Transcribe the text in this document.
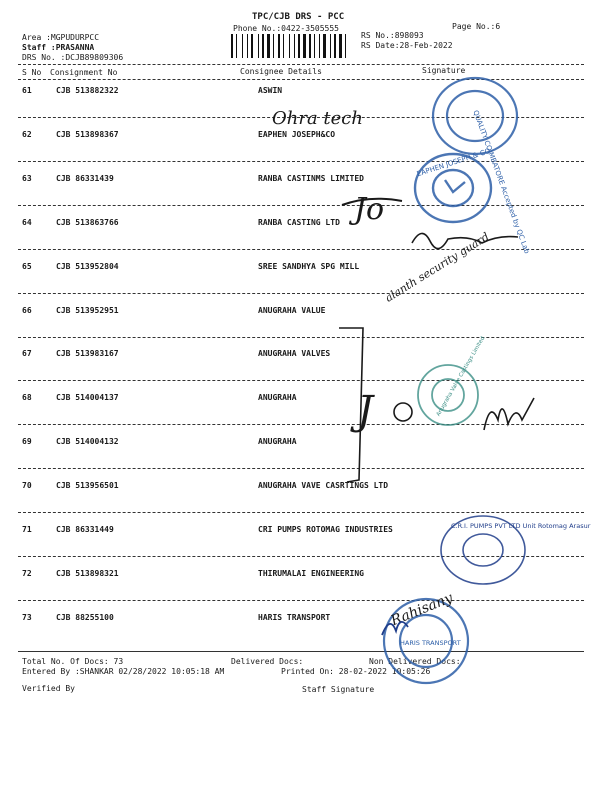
TPC/CJB DRS - PCC
Phone No.:0422-3505555	Page No.:6
Area :MGPUDURPCC
Staff :PRASANNA
DRS No. :DCJB89809306
RS No.:898093
RS Date:28-Feb-2022
S No Consignment No	Consignee Details	Signature
61	CJB 513882322	ASWIN
62	CJB 513898367	EAPHEN JOSEPH&CO
63	CJB 86331439	RANBA CASTINMS LIMITED
64	CJB 513863766	RANBA CASTING LTD
65	CJB 513952804	SREE SANDHYA SPG MILL
66	CJB 513952951	ANUGRAHA VALUE
67	CJB 513983167	ANUGRAHA VALVES
68	CJB 514004137	ANUGRAHA
69	CJB 514004132	ANUGRAHA
70	CJB 513956501	ANUGRAHA VAVE CASRTINGS LTD
71	CJB 86331449	CRI PUMPS ROTOMAG INDUSTRIES
72	CJB 513898321	THIRUMALAI ENGINEERING
73	CJB 88255100	HARIS TRANSPORT
Total No. Of Docs: 73	Delivered Docs:	Non Delivered Docs:
Entered By :SHANKAR 02/28/2022 10:05:18 AM	Printed On: 28-02-2022 10:05:26
Verified By	Staff Signature
QUALITY COIMBATORE Accepted by QC Lab
EAPHEN JOSEPH & CO
Anugraha Valve Castings Limited
C.R.I. PUMPS PVT LTD Unit Rotomag Arasur
HARIS TRANSPORT
Ohra tech
Jo
alanth security guard
J
Rahisany
